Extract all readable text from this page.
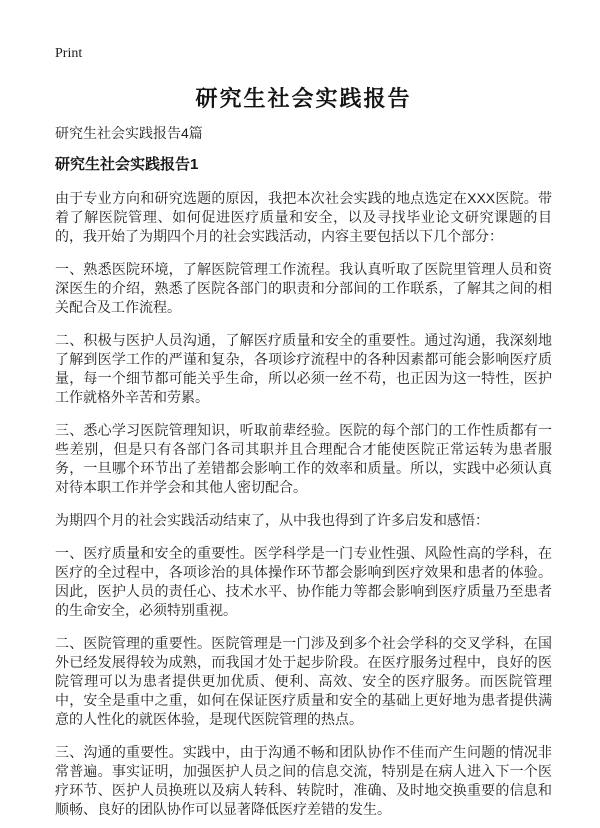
Print
研究生社会实践报告
研究生社会实践报告4篇
研究生社会实践报告1

由于专业方向和研究选题的原因，我把本次社会实践的地点选定在XXX医院。带着了解医院管理、如何促进医疗质量和安全，以及寻找毕业论文研究课题的目的，我开始了为期四个月的社会实践活动，内容主要包括以下几个部分：

一、熟悉医院环境，了解医院管理工作流程。我认真听取了医院里管理人员和资深医生的介绍，熟悉了医院各部门的职责和分部间的工作联系，了解其之间的相关配合及工作流程。

二、积极与医护人员沟通，了解医疗质量和安全的重要性。通过沟通，我深刻地了解到医学工作的严谨和复杂，各项诊疗流程中的各种因素都可能会影响医疗质量，每一个细节都可能关乎生命，所以必须一丝不苟，也正因为这一特性，医护工作就格外辛苦和劳累。

三、悉心学习医院管理知识，听取前辈经验。医院的每个部门的工作性质都有一些差别，但是只有各部门各司其职并且合理配合才能使医院正常运转为患者服务，一旦哪个环节出了差错都会影响工作的效率和质量。所以，实践中必须认真对待本职工作并学会和其他人密切配合。

为期四个月的社会实践活动结束了，从中我也得到了许多启发和感悟：

一、医疗质量和安全的重要性。医学科学是一门专业性强、风险性高的学科，在医疗的全过程中，各项诊治的具体操作环节都会影响到医疗效果和患者的体验。因此，医护人员的责任心、技术水平、协作能力等都会影响到医疗质量乃至患者的生命安全，必须特别重视。

二、医院管理的重要性。医院管理是一门涉及到多个社会学科的交叉学科，在国外已经发展得较为成熟，而我国才处于起步阶段。在医疗服务过程中，良好的医院管理可以为患者提供更加优质、便利、高效、安全的医疗服务。而医院管理中，安全是重中之重，如何在保证医疗质量和安全的基础上更好地为患者提供满意的人性化的就医体验，是现代医院管理的热点。

三、沟通的重要性。实践中，由于沟通不畅和团队协作不佳而产生问题的情况非常普遍。事实证明，加强医护人员之间的信息交流，特别是在病人进入下一个医疗环节、医护人员换班以及病人转科、转院时，准确、及时地交换重要的信息和顺畅、良好的团队协作可以显著降低医疗差错的发生。
